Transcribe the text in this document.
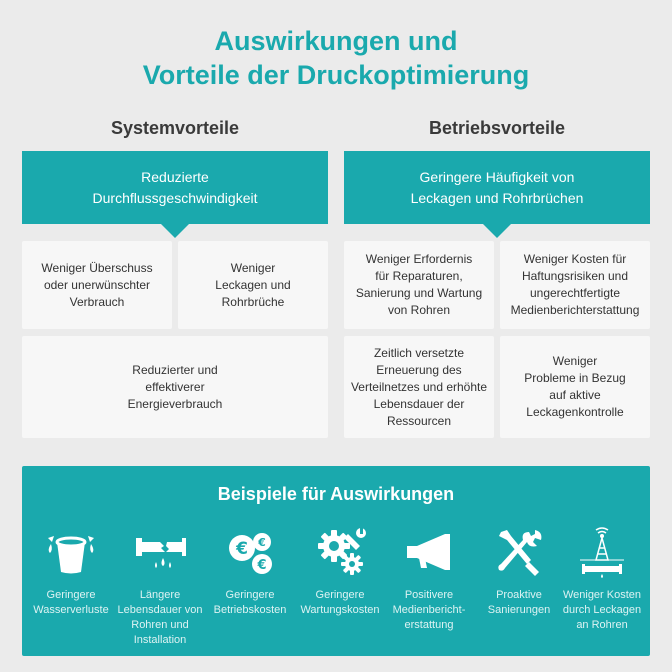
Auswirkungen und
Vorteile der Druckoptimierung
Systemvorteile	Betriebsvorteile
Reduzierte
Durchflussgeschwindigkeit
Geringere Häufigkeit von
Leckagen und Rohrbrüchen
Weniger Überschuss
oder unerwünschter
Verbrauch
Weniger
Leckagen und
Rohrbrüche
Reduzierter und
effektiverer
Energieverbrauch
Weniger Erfordernis
für Reparaturen,
Sanierung und Wartung
von Rohren
Weniger Kosten für
Haftungsrisiken und
ungerechtfertigte
Medienberichterstattung
Zeitlich versetzte
Erneuerung des
Verteilnetzes und erhöhte
Lebensdauer der
Ressourcen
Weniger
Probleme in Bezug
auf aktive
Leckagenkontrolle
Beispiele für Auswirkungen
Geringere
Wasserverluste
Längere
Lebensdauer von
Rohren und
Installation
€ €
€
Geringere
Betriebskosten
Geringere
Wartungskosten
Positivere
Medienbericht-
erstattung
Proaktive
Sanierungen
Weniger Kosten
durch Leckagen
an Rohren
